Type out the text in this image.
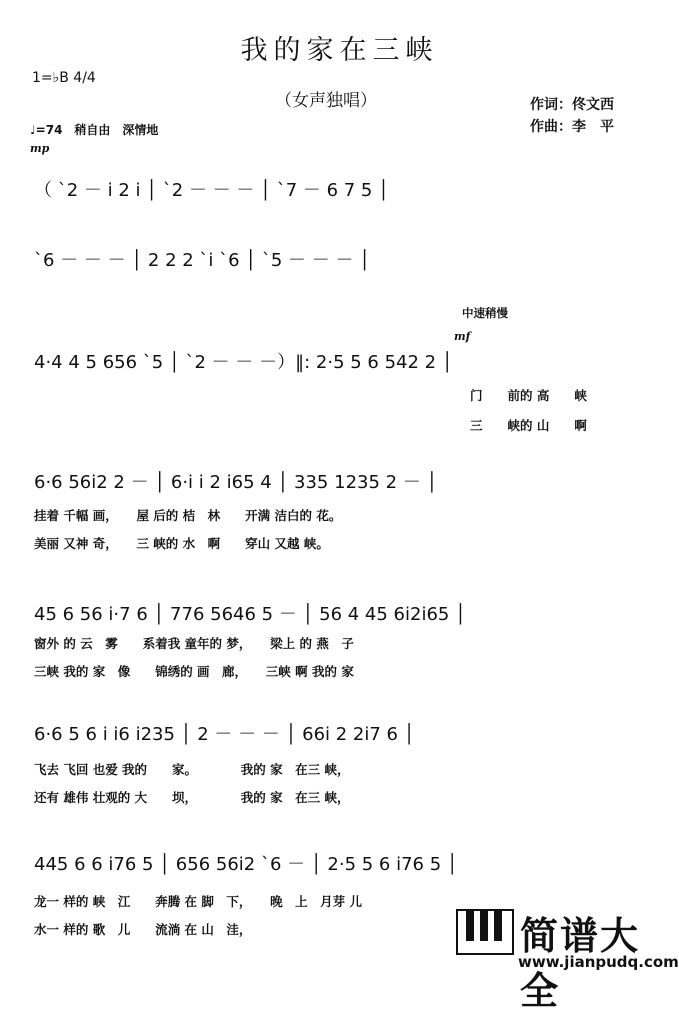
我的家在三峡
（女声独唱）	作词：佟文西
作曲：李　平
1=♭B 4/4
♩=74　稍自由　深情地
mp
中速稍慢
mf
（ ˋ2 － i 2 i │ ˋ2 － － － │ ˋ7 － 6 7 5 │
ˋ6 － － － │ 2 2 2 ˋi ˋ6 │ ˋ5 － － － │
4·4 4 5 656 ˋ5 │ ˋ2 － － －）‖: 2·5 5 6 542 2 │
门　　前的 高　　峡
三　　峡的 山　　啊
6·6 56i2 2 － │ 6·i i 2 i65 4 │ 335 1235 2 － │
挂着 千幅 画，　　屋 后的 桔　林　　开满 洁白的 花。
美丽 又神 奇，　　三 峡的 水　啊　　穿山 又越 峡。
45 6 56 i·7 6 │ 776 5646 5 － │ 56 4 45 6i2i65 │
窗外 的 云　雾　　系着我 童年的 梦，　　梁上 的 燕　子
三峡 我的 家　像　　锦绣的 画　廊，　　三峡 啊 我的 家
6·6 5 6 i i6 i235 │ 2 － － － │ 66i 2 2i7 6 │
飞去 飞回 也爱 我的　　家。　　　　我的 家　在三 峡，
还有 雄伟 壮观的 大　　坝，　　　　我的 家　在三 峡，
445 6 6 i76 5 │ 656 56i2 ˋ6 － │ 2·5 5 6 i76 5 │
龙一 样的 峡　江　　奔腾 在 脚　下，　　晚　上　月芽 儿
水一 样的 歌　儿　　流淌 在 山　洼，	简谱大全
www.jianpudq.com
